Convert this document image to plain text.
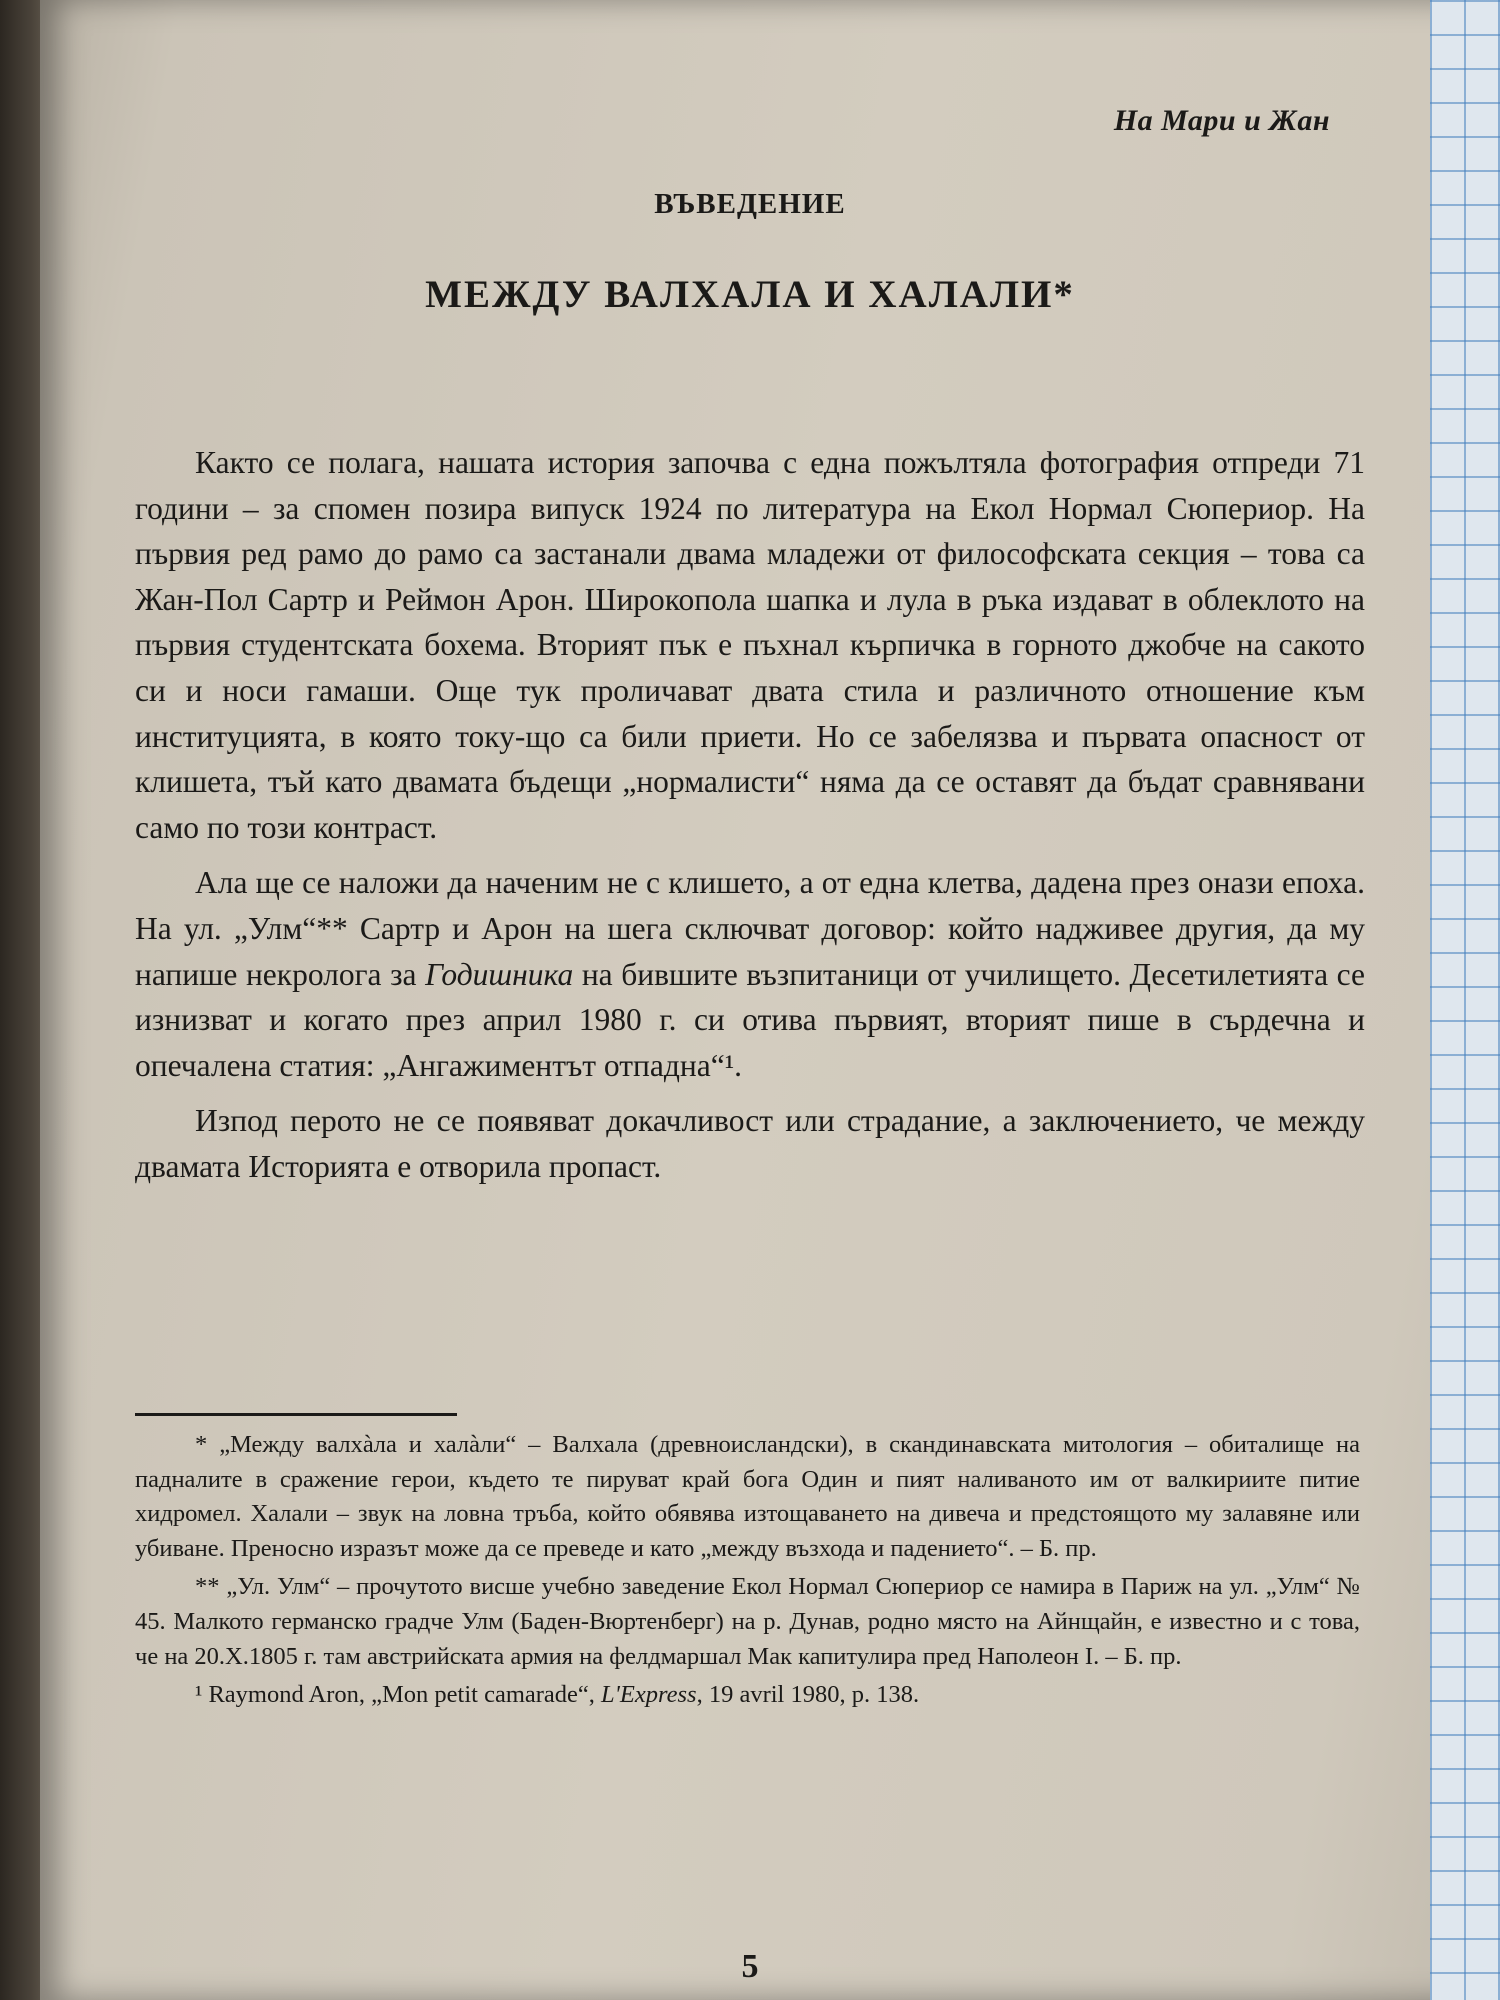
На Мари и Жан
ВЪВЕДЕНИЕ
МЕЖДУ ВАЛХАЛА И ХАЛАЛИ*

Както се полага, нашата история започва с една пожълтяла фотография отпреди 71 години – за спомен позира випуск 1924 по литература на Екол Нормал Сюпериор. На първия ред рамо до рамо са застанали двама младежи от философската секция – това са Жан-Пол Сартр и Реймон Арон. Широкопола шапка и лула в ръка издават в облеклото на първия студентската бохема. Вторият пък е пъхнал кърпичка в горното джобче на сакото си и носи гамаши. Още тук проличават двата стила и различното отношение към институцията, в която току-що са били приети. Но се забелязва и първата опасност от клишета, тъй като двамата бъдещи „нормалисти“ няма да се оставят да бъдат сравнявани само по този контраст.

Ала ще се наложи да наченим не с клишето, а от една клетва, дадена през онази епоха. На ул. „Улм“** Сартр и Арон на шега сключват договор: който надживее другия, да му напише некролога за Годишника на бившите възпитаници от училището. Десетилетията се изнизват и когато през април 1980 г. си отива първият, вторият пише в сърдечна и опечалена статия: „Ангажиментът отпадна“¹.

Изпод перото не се появяват докачливост или страдание, а заключението, че между двамата Историята е отворила пропаст.

* „Между валхàла и халàли“ – Валхала (древноисландски), в скандинавската митология – обиталище на падналите в сражение герои, където те пируват край бога Один и пият наливаното им от валкириите питие хидромел. Халали – звук на ловна тръба, който обявява изтощаването на дивеча и предстоящото му залавяне или убиване. Преносно изразът може да се преведе и като „между възхода и падението“. – Б. пр.

** „Ул. Улм“ – прочутото висше учебно заведение Екол Нормал Сюпериор се намира в Париж на ул. „Улм“ № 45. Малкото германско градче Улм (Баден-Вюртенберг) на р. Дунав, родно място на Айнщайн, е известно и с това, че на 20.X.1805 г. там австрийската армия на фелдмаршал Мак капитулира пред Наполеон I. – Б. пр.

¹ Raymond Aron, „Mon petit camarade“, L'Express, 19 avril 1980, p. 138.

5
